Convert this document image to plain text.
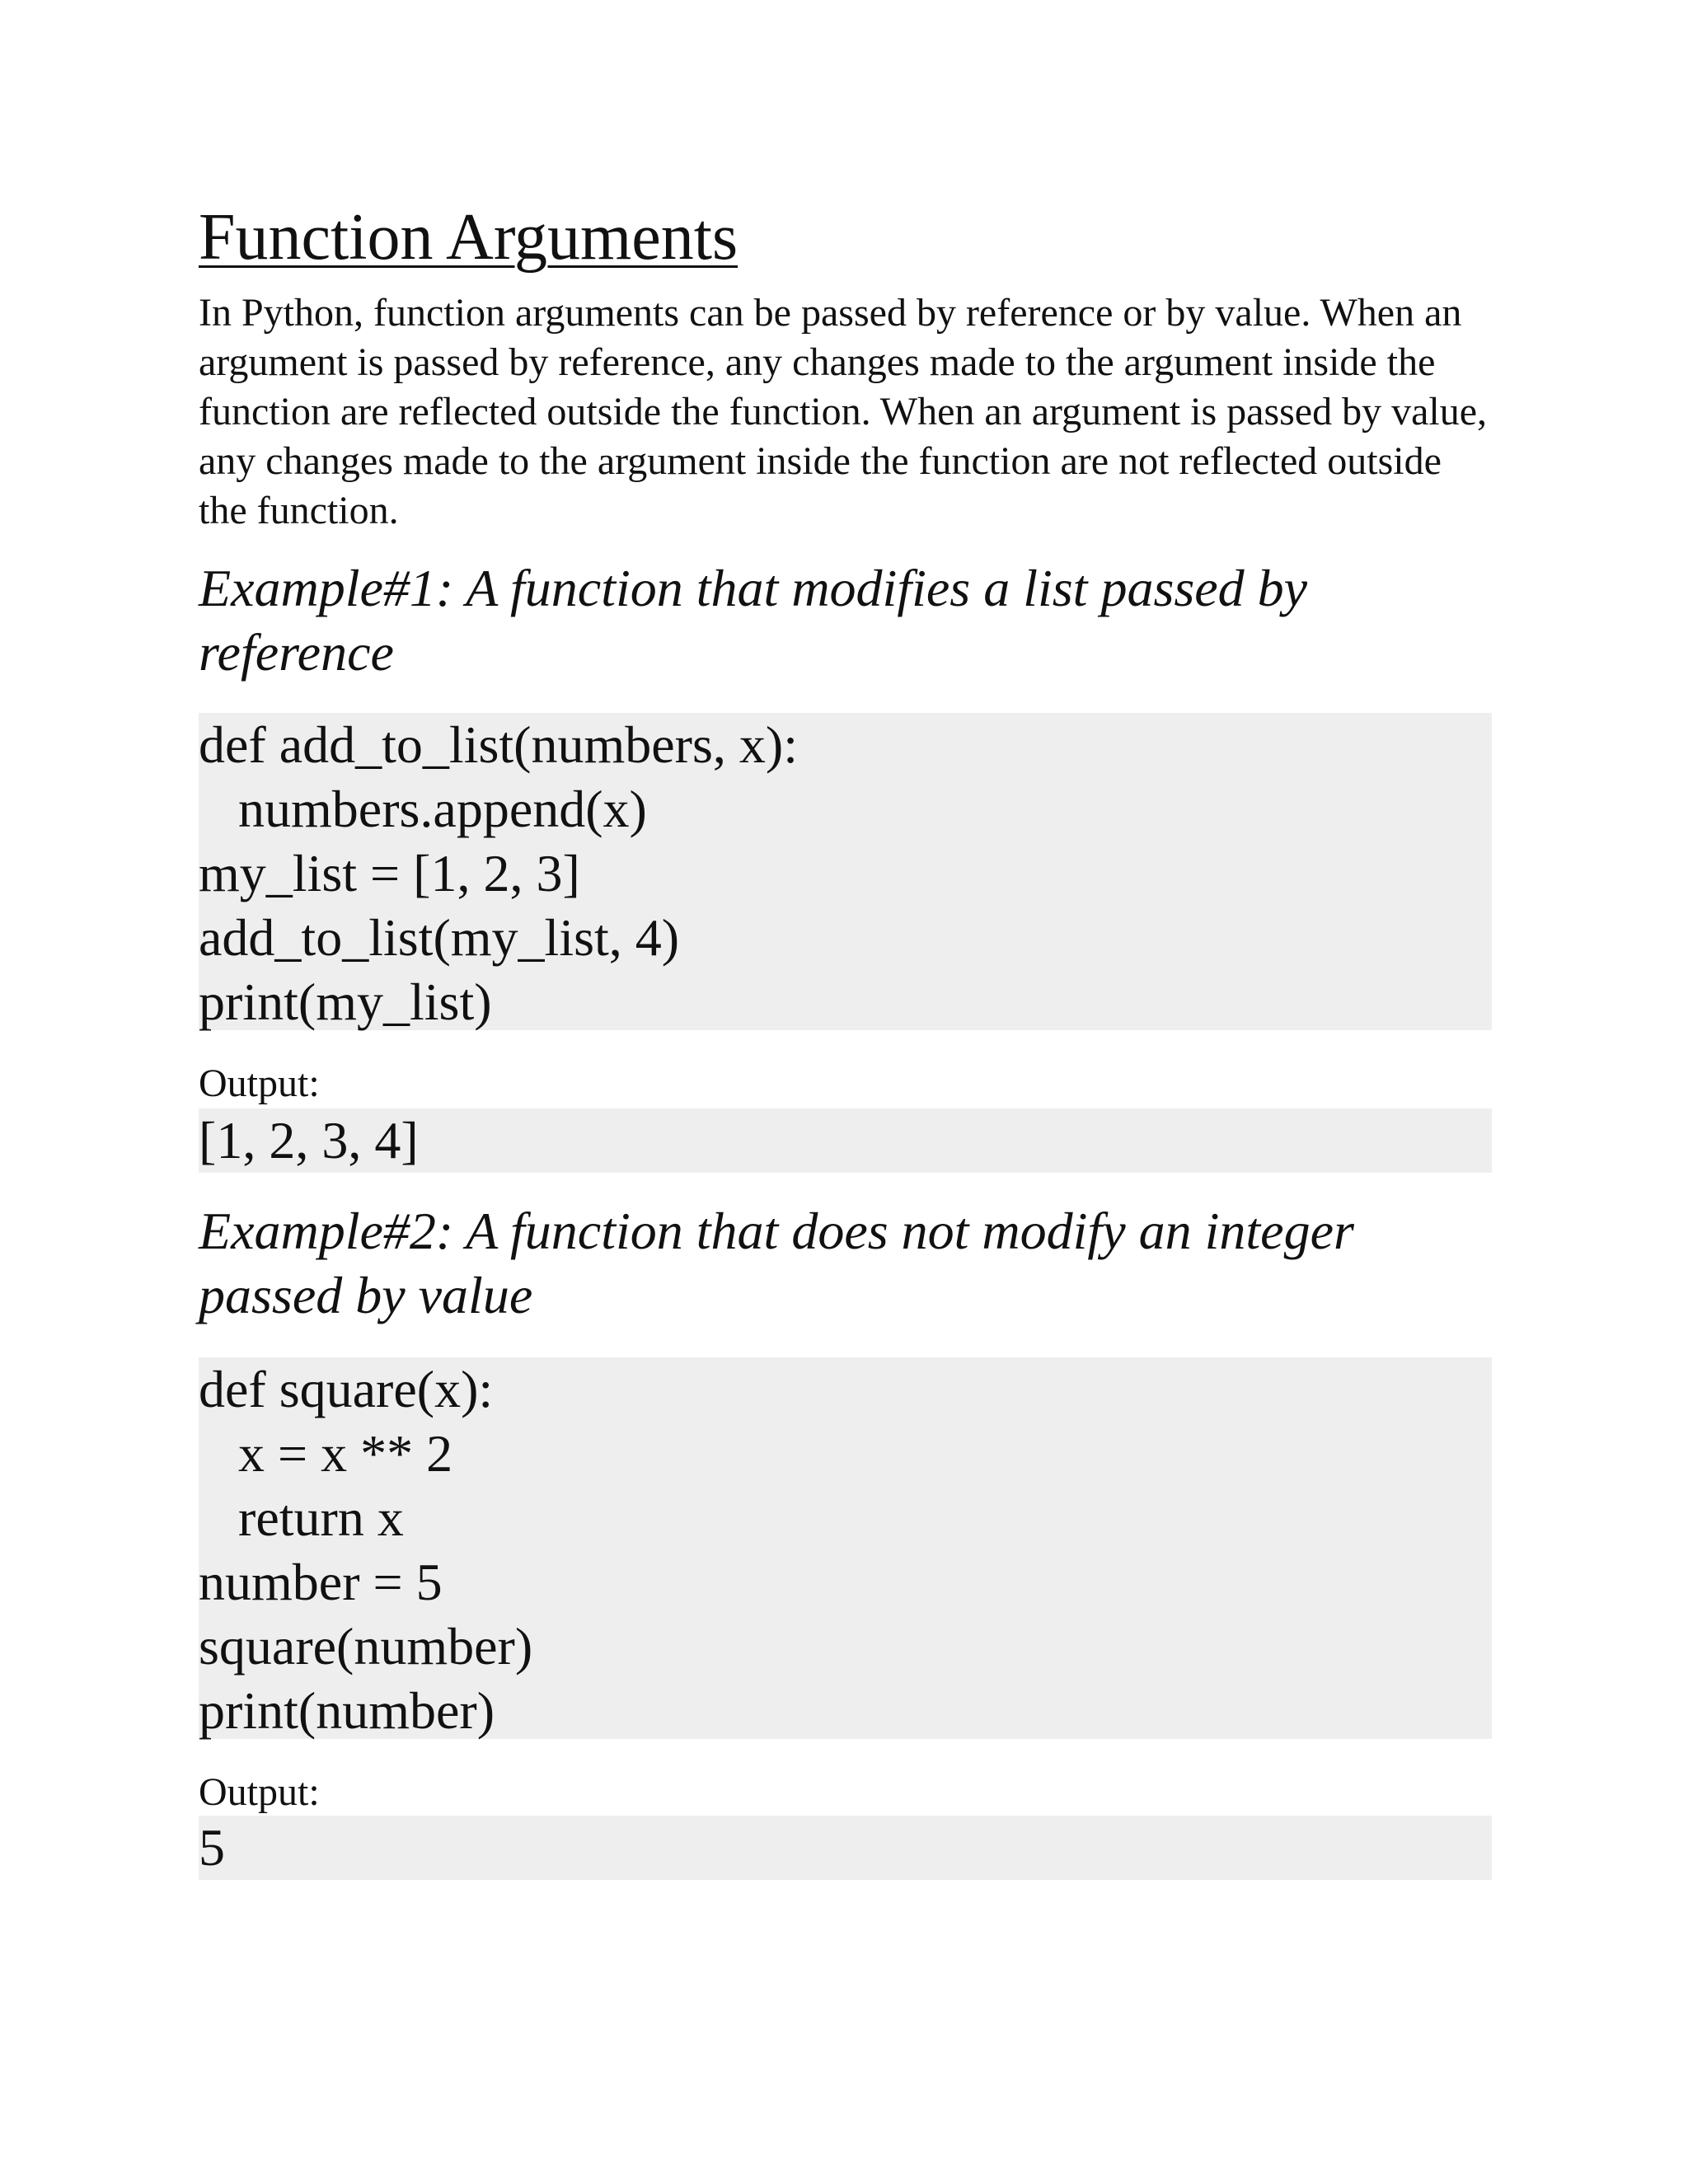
Function Arguments

In Python, function arguments can be passed by reference or by value. When an argument is passed by reference, any changes made to the argument inside the function are reflected outside the function. When an argument is passed by value, any changes made to the argument inside the function are not reflected outside the function.

Example#1: A function that modifies a list passed by reference
def add_to_list(numbers, x):
numbers.append(x)
my_list = [1, 2, 3]
add_to_list(my_list, 4)
print(my_list)
Output:
[1, 2, 3, 4]
Example#2: A function that does not modify an integer passed by value
def square(x):
x = x ** 2
return x
number = 5
square(number)
print(number)
Output:
5
